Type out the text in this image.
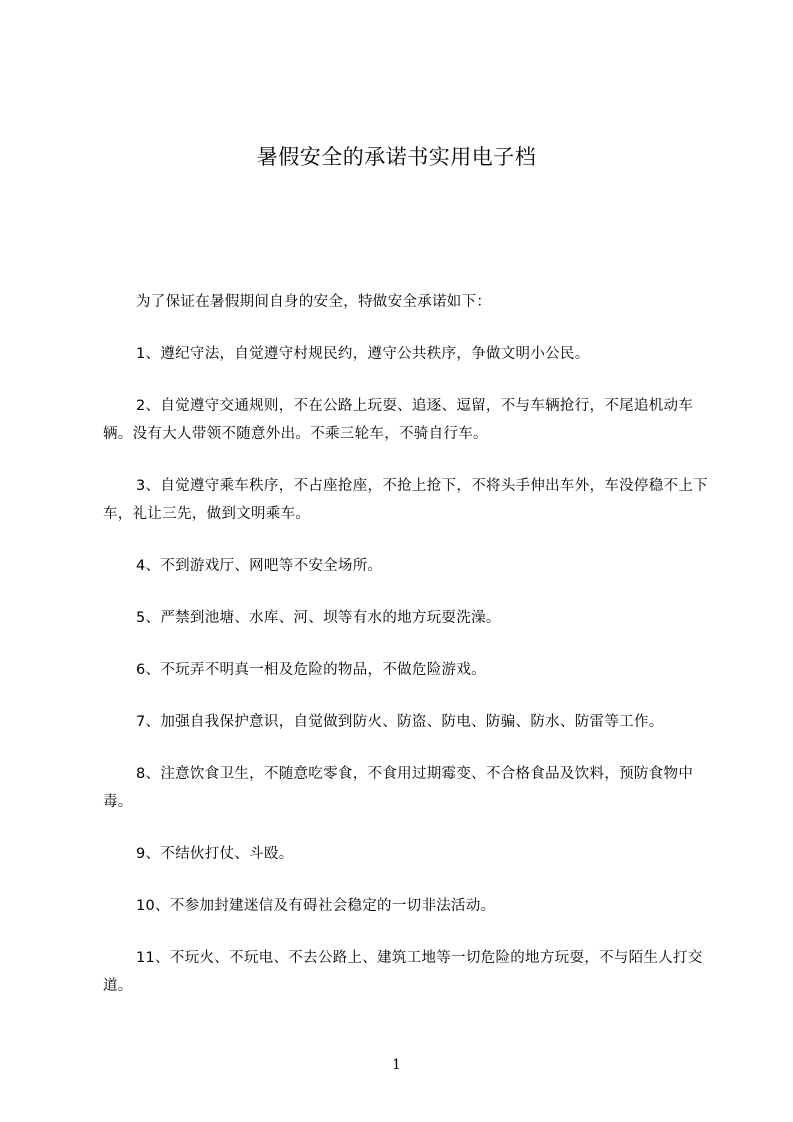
暑假安全的承诺书实用电子档

为了保证在暑假期间自身的安全，特做安全承诺如下：

1、遵纪守法，自觉遵守村规民约，遵守公共秩序，争做文明小公民。

2、自觉遵守交通规则，不在公路上玩耍、追逐、逗留，不与车辆抢行，不尾追机动车辆。没有大人带领不随意外出。不乘三轮车，不骑自行车。

3、自觉遵守乘车秩序，不占座抢座，不抢上抢下，不将头手伸出车外，车没停稳不上下车，礼让三先，做到文明乘车。

4、不到游戏厅、网吧等不安全场所。

5、严禁到池塘、水库、河、坝等有水的地方玩耍洗澡。

6、不玩弄不明真一相及危险的物品，不做危险游戏。

7、加强自我保护意识，自觉做到防火、防盗、防电、防骗、防水、防雷等工作。

8、注意饮食卫生，不随意吃零食，不食用过期霉变、不合格食品及饮料，预防食物中毒。

9、不结伙打仗、斗殴。

10、不参加封建迷信及有碍社会稳定的一切非法活动。

11、不玩火、不玩电、不去公路上、建筑工地等一切危险的地方玩耍，不与陌生人打交道。

1
